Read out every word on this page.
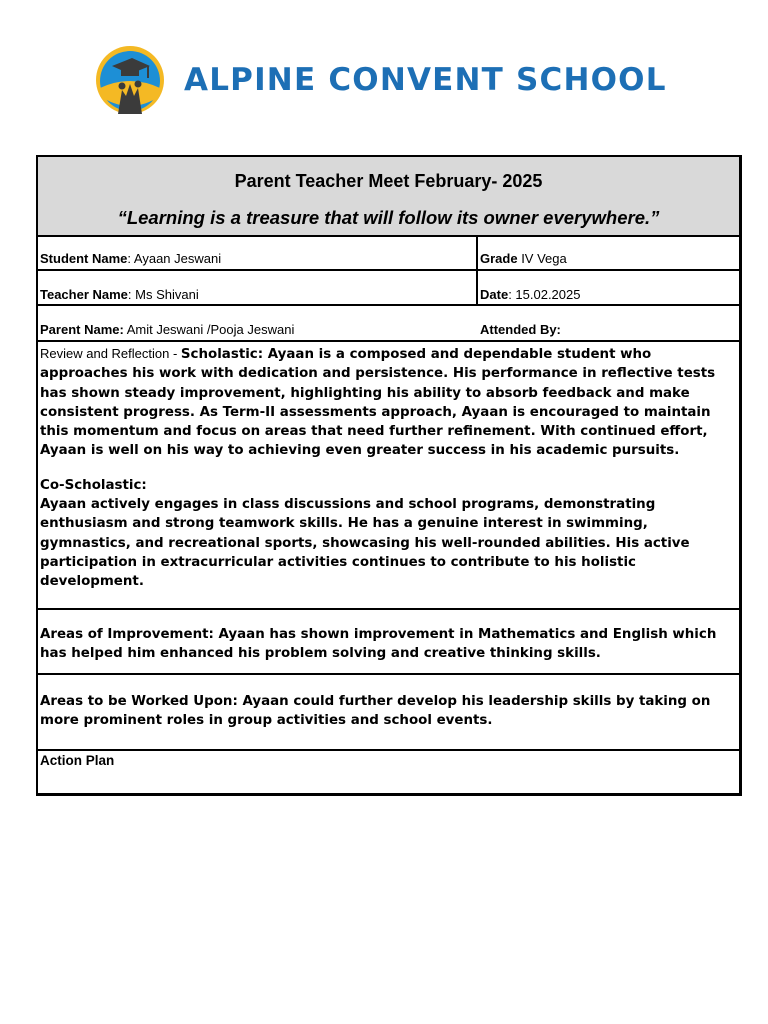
ALPINE CONVENT SCHOOL
Parent Teacher Meet February- 2025
“Learning is a treasure that will follow its owner everywhere.”
Student Name: Ayaan Jeswani	Grade IV Vega
Teacher Name: Ms Shivani	Date: 15.02.2025
Parent Name: Amit Jeswani /Pooja Jeswani	Attended By:
Review and Reflection - Scholastic: Ayaan is a composed and dependable student who approaches his work with dedication and persistence. His performance in reflective tests has shown steady improvement, highlighting his ability to absorb feedback and make consistent progress. As Term-II assessments approach, Ayaan is encouraged to maintain this momentum and focus on areas that need further refinement. With continued effort, Ayaan is well on his way to achieving even greater success in his academic pursuits.
Co-Scholastic:
Ayaan actively engages in class discussions and school programs, demonstrating enthusiasm and strong teamwork skills. He has a genuine interest in swimming, gymnastics, and recreational sports, showcasing his well-rounded abilities. His active participation in extracurricular activities continues to contribute to his holistic development.
Areas of Improvement: Ayaan has shown improvement in Mathematics and English which has helped him enhanced his problem solving and creative thinking skills.
Areas to be Worked Upon: Ayaan could further develop his leadership skills by taking on more prominent roles in group activities and school events.
Action Plan
